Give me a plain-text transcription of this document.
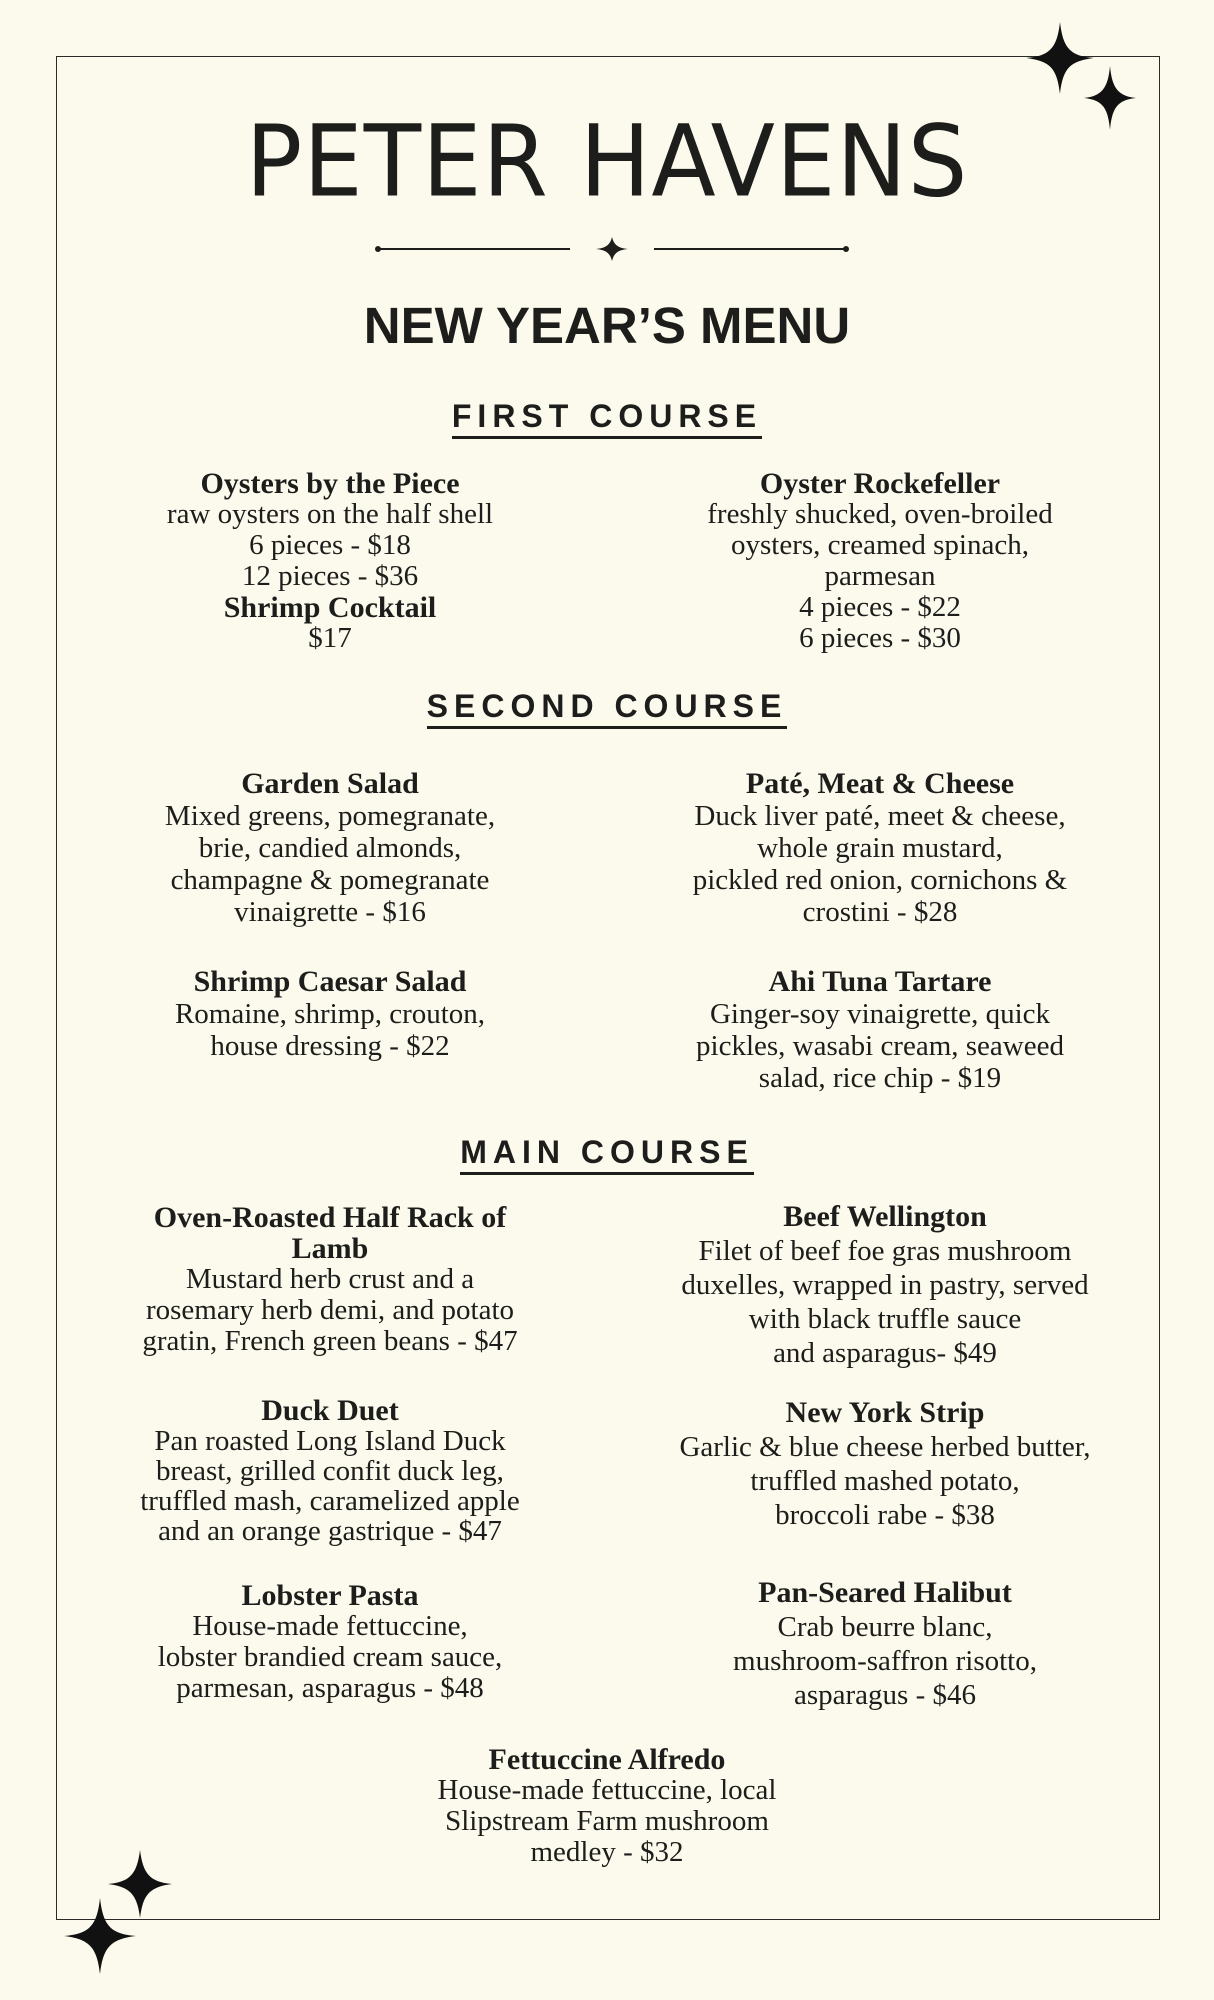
PETER HAVENS
NEW YEAR’S MENU
FIRST COURSE
Oysters by the Piece
raw oysters on the half shell
6 pieces - $18
12 pieces - $36
Oyster Rockefeller
freshly shucked, oven-broiled
oysters, creamed spinach,
parmesan
4 pieces - $22
6 pieces - $30
Shrimp Cocktail
$17
SECOND COURSE
Garden Salad
Mixed greens, pomegranate,
brie, candied almonds,
champagne & pomegranate
vinaigrette - $16
Paté, Meat & Cheese
Duck liver paté, meet & cheese,
whole grain mustard,
pickled red onion, cornichons &
crostini - $28
Shrimp Caesar Salad
Romaine, shrimp, crouton,
house dressing - $22
Ahi Tuna Tartare
Ginger-soy vinaigrette, quick
pickles, wasabi cream, seaweed
salad, rice chip - $19
MAIN COURSE
Oven-Roasted Half Rack of
Lamb
Mustard herb crust and a
rosemary herb demi, and potato
gratin, French green beans - $47
Beef Wellington
Filet of beef foe gras mushroom
duxelles, wrapped in pastry, served
with black truffle sauce
and asparagus- $49
Duck Duet
Pan roasted Long Island Duck
breast, grilled confit duck leg,
truffled mash, caramelized apple
and an orange gastrique - $47
New York Strip
Garlic & blue cheese herbed butter,
truffled mashed potato,
broccoli rabe - $38
Lobster Pasta
House-made fettuccine,
lobster brandied cream sauce,
parmesan, asparagus - $48
Pan-Seared Halibut
Crab beurre blanc,
mushroom-saffron risotto,
asparagus - $46
Fettuccine Alfredo
House-made fettuccine, local
Slipstream Farm mushroom
medley - $32
